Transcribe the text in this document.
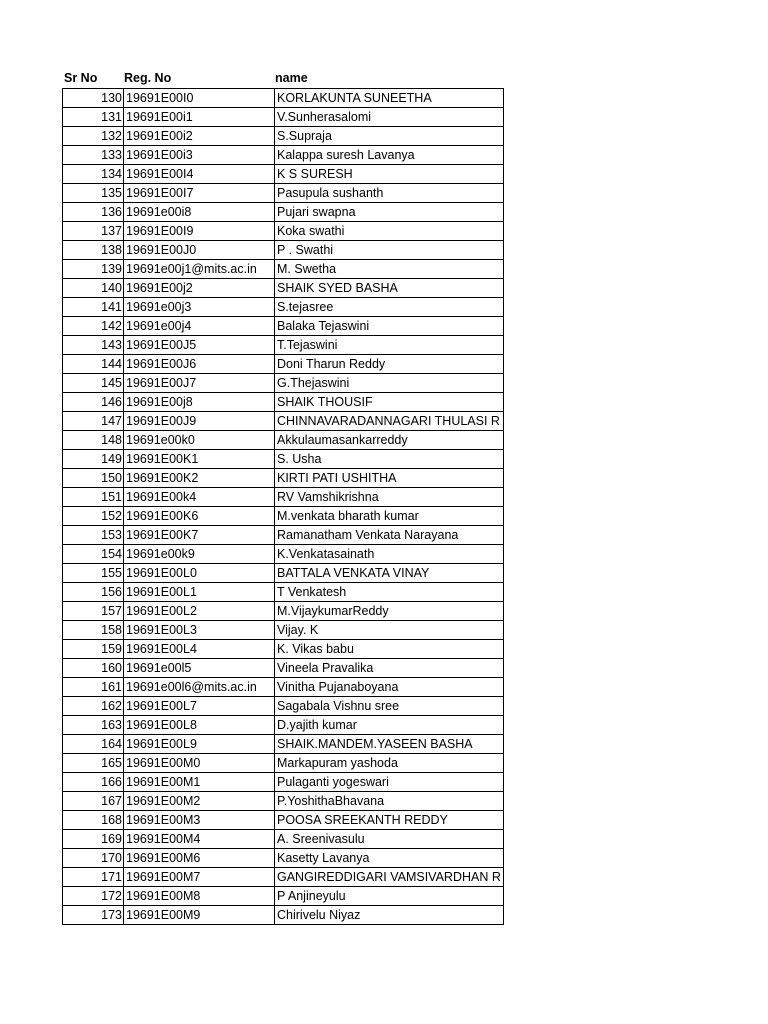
Sr No	Reg. No	name
130	19691E00I0	KORLAKUNTA SUNEETHA
131	19691E00i1	V.Sunherasalomi
132	19691E00i2	S.Supraja
133	19691E00i3	Kalappa suresh Lavanya
134	19691E00I4	K S SURESH
135	19691E00I7	Pasupula sushanth
136	19691e00i8	Pujari swapna
137	19691E00I9	Koka swathi
138	19691E00J0	P . Swathi
139	19691e00j1@mits.ac.in	M. Swetha
140	19691E00j2	SHAIK SYED BASHA
141	19691e00j3	S.tejasree
142	19691e00j4	Balaka Tejaswini
143	19691E00J5	T.Tejaswini
144	19691E00J6	Doni Tharun Reddy
145	19691E00J7	G.Thejaswini
146	19691E00j8	SHAIK THOUSIF
147	19691E00J9	CHINNAVARADANNAGARI THULASI R
148	19691e00k0	Akkulaumasankarreddy
149	19691E00K1	S. Usha
150	19691E00K2	KIRTI PATI USHITHA
151	19691E00k4	RV Vamshikrishna
152	19691E00K6	M.venkata bharath kumar
153	19691E00K7	Ramanatham Venkata Narayana
154	19691e00k9	K.Venkatasainath
155	19691E00L0	BATTALA VENKATA VINAY
156	19691E00L1	T Venkatesh
157	19691E00L2	M.VijaykumarReddy
158	19691E00L3	Vijay. K
159	19691E00L4	K. Vikas babu
160	19691e00l5	Vineela Pravalika
161	19691e00l6@mits.ac.in	Vinitha Pujanaboyana
162	19691E00L7	Sagabala Vishnu sree
163	19691E00L8	D.yajith kumar
164	19691E00L9	SHAIK.MANDEM.YASEEN BASHA
165	19691E00M0	Markapuram yashoda
166	19691E00M1	Pulaganti yogeswari
167	19691E00M2	P.YoshithaBhavana
168	19691E00M3	POOSA SREEKANTH REDDY
169	19691E00M4	A. Sreenivasulu
170	19691E00M6	Kasetty Lavanya
171	19691E00M7	GANGIREDDIGARI VAMSIVARDHAN R
172	19691E00M8	P Anjineyulu
173	19691E00M9	Chirivelu Niyaz
